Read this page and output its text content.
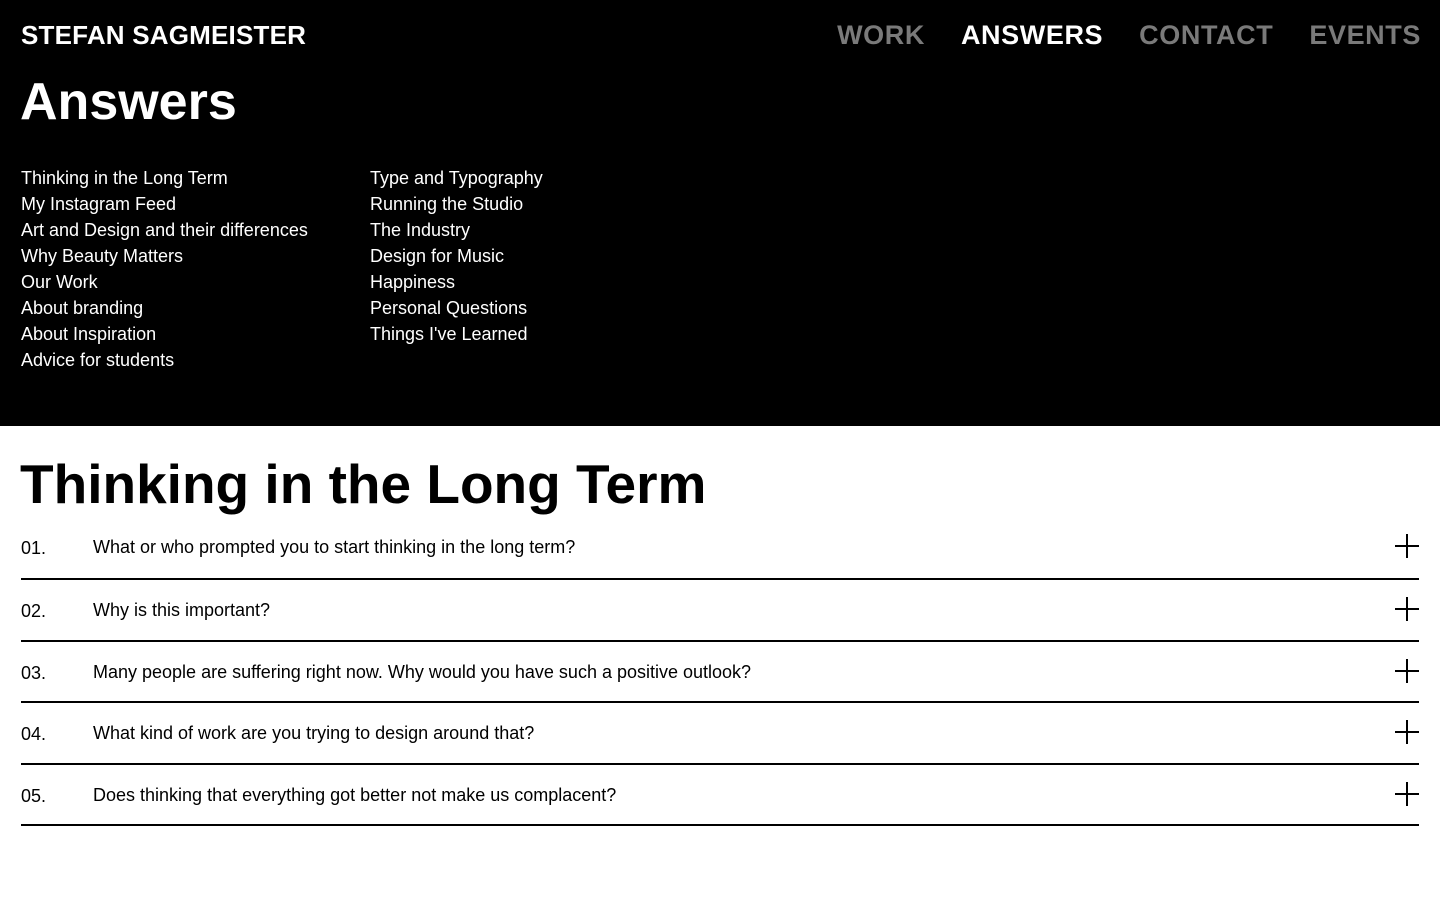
STEFAN SAGMEISTER	WORK ANSWERS CONTACT EVENTS
Answers
Thinking in the Long Term
My Instagram Feed
Art and Design and their differences
Why Beauty Matters
Our Work
About branding
About Inspiration
Advice for students
Type and Typography
Running the Studio
The Industry
Design for Music
Happiness
Personal Questions
Things I've Learned
Thinking in the Long Term
01.	What or who prompted you to start thinking in the long term?
02.	Why is this important?
03.	Many people are suffering right now. Why would you have such a positive outlook?
04.	What kind of work are you trying to design around that?
05.	Does thinking that everything got better not make us complacent?
